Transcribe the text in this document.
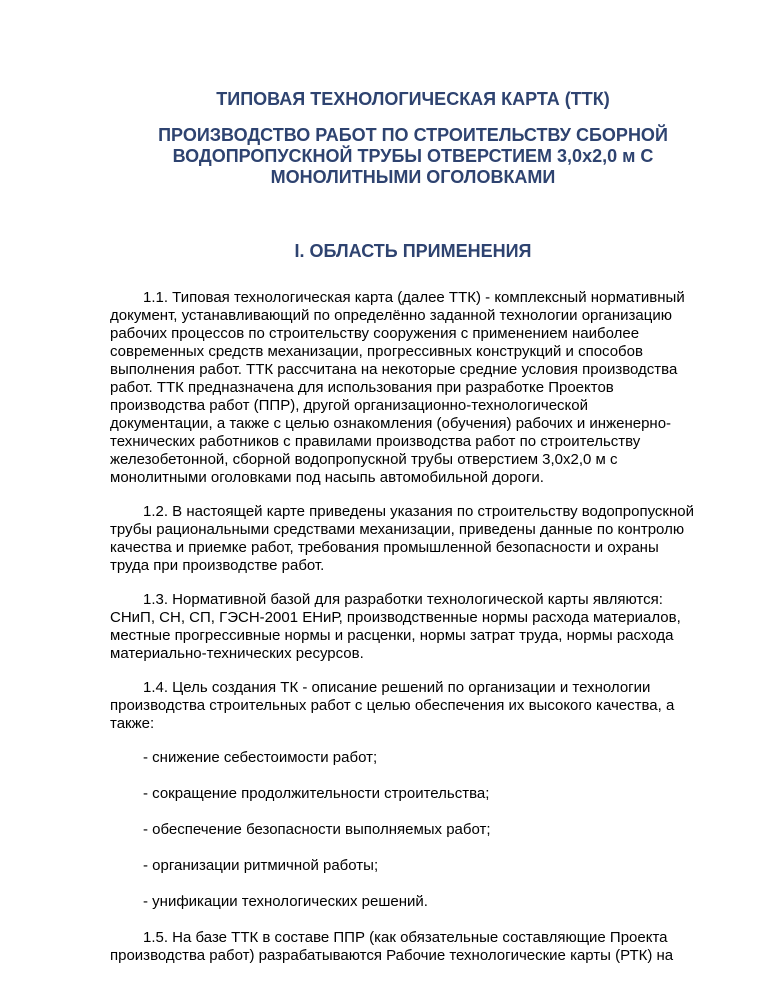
ТИПОВАЯ ТЕХНОЛОГИЧЕСКАЯ КАРТА (ТТК)
ПРОИЗВОДСТВО РАБОТ ПО СТРОИТЕЛЬСТВУ СБОРНОЙ
ВОДОПРОПУСКНОЙ ТРУБЫ ОТВЕРСТИЕМ 3,0х2,0 м С
МОНОЛИТНЫМИ ОГОЛОВКАМИ
I. ОБЛАСТЬ ПРИМЕНЕНИЯ
1.1. Типовая технологическая карта (далее ТТК) - комплексный нормативный
документ, устанавливающий по определённо заданной технологии организацию
рабочих процессов по строительству сооружения с применением наиболее
современных средств механизации, прогрессивных конструкций и способов
выполнения работ. ТТК рассчитана на некоторые средние условия производства
работ. ТТК предназначена для использования при разработке Проектов
производства работ (ППР), другой организационно-технологической
документации, а также с целью ознакомления (обучения) рабочих и инженерно-
технических работников с правилами производства работ по строительству
железобетонной, сборной водопропускной трубы отверстием 3,0х2,0 м с
монолитными оголовками под насыпь автомобильной дороги.
1.2. В настоящей карте приведены указания по строительству водопропускной
трубы рациональными средствами механизации, приведены данные по контролю
качества и приемке работ, требования промышленной безопасности и охраны
труда при производстве работ.
1.3. Нормативной базой для разработки технологической карты являются:
СНиП, СН, СП, ГЭСН-2001 ЕНиР, производственные нормы расхода материалов,
местные прогрессивные нормы и расценки, нормы затрат труда, нормы расхода
материально-технических ресурсов.
1.4. Цель создания ТК - описание решений по организации и технологии
производства строительных работ с целью обеспечения их высокого качества, а
также:
- снижение себестоимости работ;
- сокращение продолжительности строительства;
- обеспечение безопасности выполняемых работ;
- организации ритмичной работы;
- унификации технологических решений.
1.5. На базе ТТК в составе ППР (как обязательные составляющие Проекта
производства работ) разрабатываются Рабочие технологические карты (РТК) на
